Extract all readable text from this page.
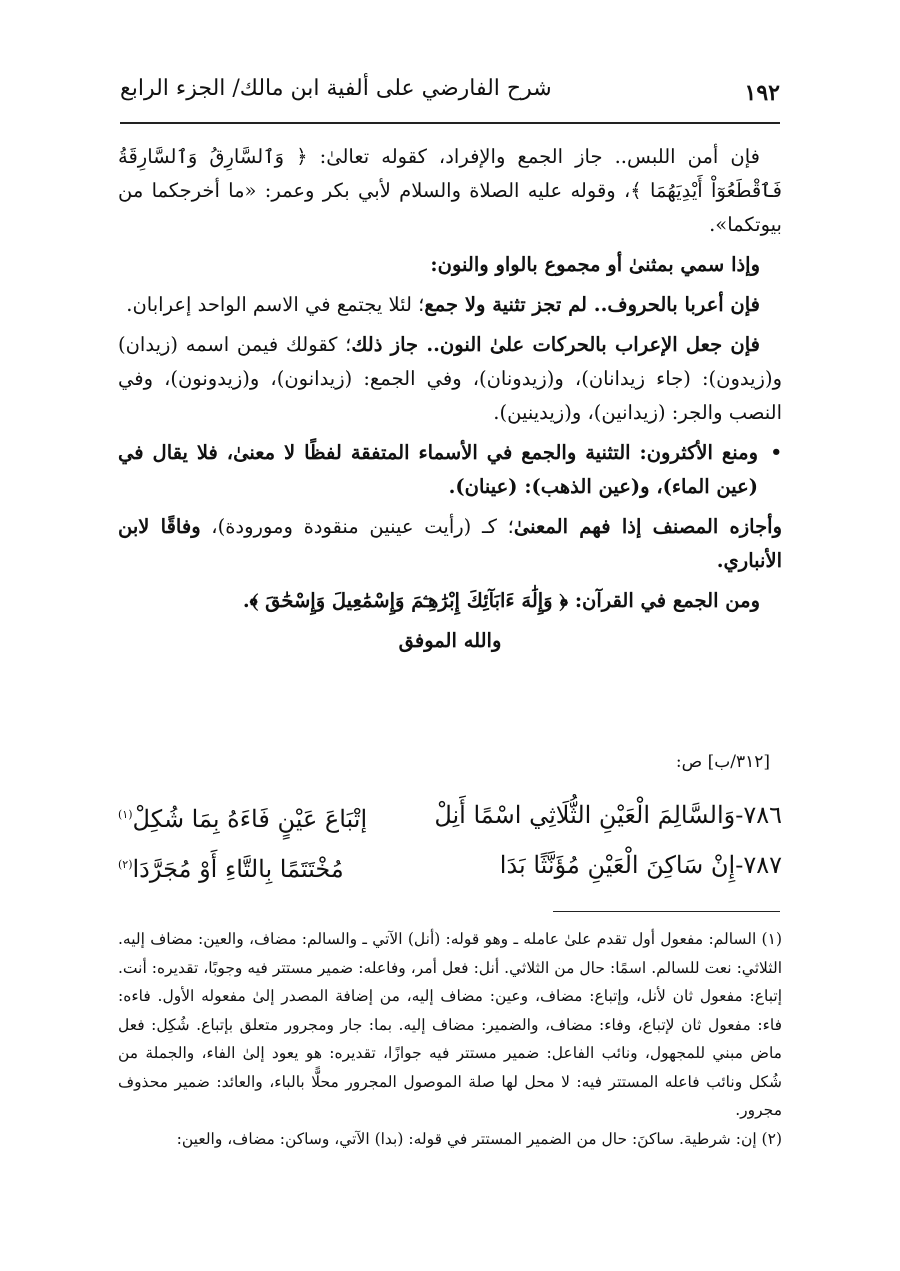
١٩٢
شرح الفارضي على ألفية ابن مالك/ الجزء الرابع

فإن أمن اللبس.. جاز الجمع والإفراد، كقوله تعالىٰ: ﴿ وَٱلسَّارِقُ وَٱلسَّارِقَةُ فَٱقْطَعُوٓاْ أَيْدِيَهُمَا ﴾، وقوله عليه الصلاة والسلام لأبي بكر وعمر: «ما أخرجكما من بيوتكما».

وإذا سمي بمثنىٰ أو مجموع بالواو والنون:

فإن أعربا بالحروف.. لم تجز تثنية ولا جمع؛ لئلا يجتمع في الاسم الواحد إعرابان.

فإن جعل الإعراب بالحركات علىٰ النون.. جاز ذلك؛ كقولك فيمن اسمه (زيدان) و(زيدون): (جاء زيدانان)، و(زيدونان)، وفي الجمع: (زيدانون)، و(زيدونون)، وفي النصب والجر: (زيدانين)، و(زيدينين).

•
ومنع الأكثرون: التثنية والجمع في الأسماء المتفقة لفظًا لا معنىٰ، فلا يقال في (عين الماء)، و(عين الذهب): (عينان).

وأجازه المصنف إذا فهم المعنىٰ؛ كـ (رأيت عينين منقودة ومورودة)، وفاقًا لابن الأنباري.

ومن الجمع في القرآن: ﴿ وَإِلَٰهَ ءَابَآئِكَ إِبْرَٰهِـۧمَ وَإِسْمَٰعِيلَ وَإِسْحَٰقَ ﴾.

والله الموفق

[٣١٢/ب] ص:
٧٨٦-وَالسَّالِمَ الْعَيْنِ الثُّلَاثِي اسْمًا أَنِلْ
إتْبَاعَ عَيْنٍ فَاءَهُ بِمَا شُكِلْ$^{(١)}$
٧٨٧-إِنْ سَاكِنَ الْعَيْنِ مُؤَنَّثًا بَدَا
مُخْتَتَمًا بِالتَّاءِ أَوْ مُجَرَّدَا$^{(٢)}$

(١) السالم: مفعول أول تقدم علىٰ عامله ـ وهو قوله: (أنل) الآتي ـ والسالم: مضاف، والعين: مضاف إليه. الثلاثي: نعت للسالم. اسمًا: حال من الثلاثي. أنل: فعل أمر، وفاعله: ضمير مستتر فيه وجوبًا، تقديره: أنت. إتباع: مفعول ثان لأنل، وإتباع: مضاف، وعين: مضاف إليه، من إضافة المصدر إلىٰ مفعوله الأول. فاءه: فاء: مفعول ثان لإتباع، وفاء: مضاف، والضمير: مضاف إليه. بما: جار ومجرور متعلق بإتباع. شُكِل: فعل ماض مبني للمجهول، ونائب الفاعل: ضمير مستتر فيه جوازًا، تقديره: هو يعود إلىٰ الفاء، والجملة من شُكل ونائب فاعله المستتر فيه: لا محل لها صلة الموصول المجرور محلًّا بالباء، والعائد: ضمير محذوف مجرور.

(٢) إن: شرطية. ساكنَ: حال من الضمير المستتر في قوله: (بدا) الآتي، وساكن: مضاف، والعين:
